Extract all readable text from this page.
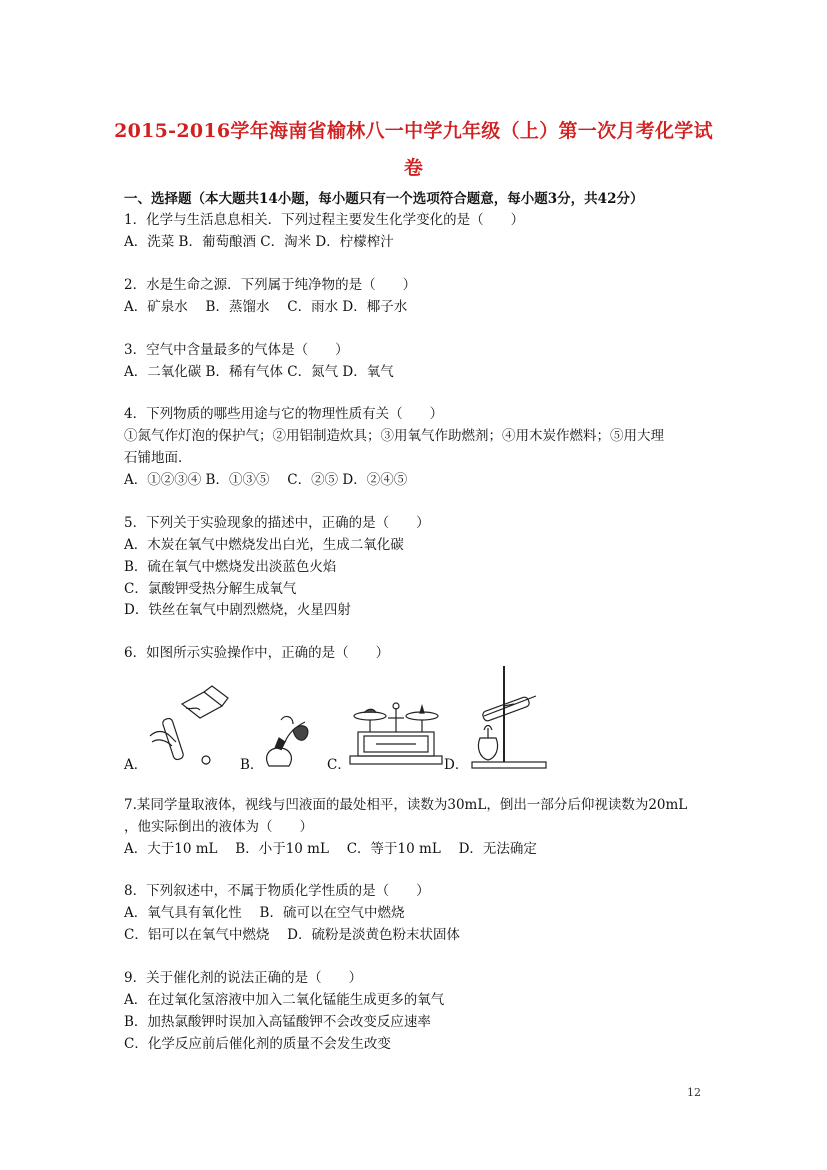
2015-2016学年海南省榆林八一中学九年级（上）第一次月考化学试
卷
一、选择题（本大题共14小题，每小题只有一个选项符合题意，每小题3分，共42分）
1．化学与生活息息相关．下列过程主要发生化学变化的是（　　）
A．洗菜 B．葡萄酿酒 C．淘米 D．柠檬榨汁
2．水是生命之源．下列属于纯净物的是（　　）
A．矿泉水　 B．蒸馏水　 C．雨水 D．椰子水
3．空气中含量最多的气体是（　　）
A．二氧化碳 B．稀有气体 C．氮气 D．氧气
4．下列物质的哪些用途与它的物理性质有关（　　）
①氮气作灯泡的保护气；②用铝制造炊具；③用氧气作助燃剂；④用木炭作燃料；⑤用大理
石铺地面．
A．①②③④ B．①③⑤　 C．②⑤ D．②④⑤
5．下列关于实验现象的描述中，正确的是（　　）
A．木炭在氧气中燃烧发出白光，生成二氧化碳
B．硫在氧气中燃烧发出淡蓝色火焰
C．氯酸钾受热分解生成氧气
D．铁丝在氧气中剧烈燃烧，火星四射
6．如图所示实验操作中，正确的是（　　）
A．	B．	C．	D．
7.某同学量取液体，视线与凹液面的最处相平，读数为30mL，倒出一部分后仰视读数为20mL
，他实际倒出的液体为（　　）
A．大于10 mL　 B．小于10 mL　 C．等于10 mL　 D．无法确定
8．下列叙述中，不属于物质化学性质的是（　　）
A．氧气具有氧化性　 B．硫可以在空气中燃烧
C．铝可以在氧气中燃烧　 D．硫粉是淡黄色粉末状固体
9．关于催化剂的说法正确的是（　　）
A．在过氧化氢溶液中加入二氧化锰能生成更多的氧气
B．加热氯酸钾时误加入高锰酸钾不会改变反应速率
C．化学反应前后催化剂的质量不会发生改变
12
